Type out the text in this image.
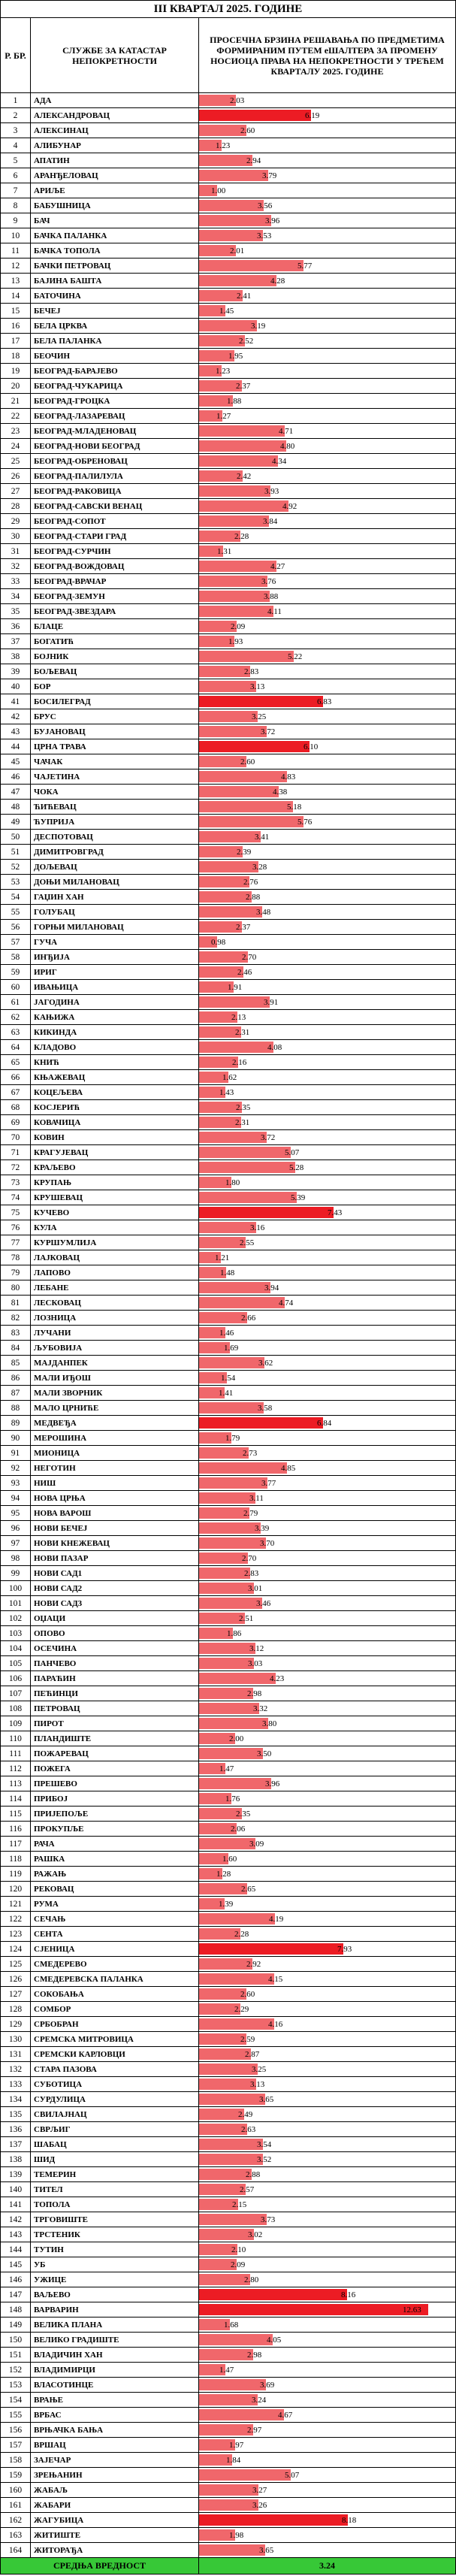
III КВАРТАЛ 2025. ГОДИНЕ
Р. БР.	СЛУЖБЕ ЗА КАТАСТАР НЕПОКРЕТНОСТИ
ПРОСЕЧНА БРЗИНА РЕШАВАЊА ПО ПРЕДМЕТИМА ФОРМИРАНИМ ПУТЕМ еШАЛТЕРА ЗА ПРОМЕНУ НОСИОЦА ПРАВА НА НЕПОКРЕТНОСТИ У ТРЕЋЕМ КВАРТАЛУ 2025. ГОДИНЕ
1	АДА	2.03
2	АЛЕКСАНДРОВАЦ	6.19
3	АЛЕКСИНАЦ	2.60
4	АЛИБУНАР	1.23
5	АПАТИН	2.94
6	АРАНЂЕЛОВАЦ	3.79
7	АРИЉЕ	1.00
8	БАБУШНИЦА	3.56
9	БАЧ	3.96
10	БАЧКА ПАЛАНКА	3.53
11	БАЧКА ТОПОЛА	2.01
12	БАЧКИ ПЕТРОВАЦ	5.77
13	БАЈИНА БАШТА	4.28
14	БАТОЧИНА	2.41
15	БЕЧЕЈ	1.45
16	БЕЛА ЦРКВА	3.19
17	БЕЛА ПАЛАНКА	2.52
18	БЕОЧИН	1.95
19	БЕОГРАД-БАРАЈЕВО	1.23
20	БЕОГРАД-ЧУКАРИЦА	2.37
21	БЕОГРАД-ГРОЦКА	1.88
22	БЕОГРАД-ЛАЗАРЕВАЦ	1.27
23	БЕОГРАД-МЛАДЕНОВАЦ	4.71
24	БЕОГРАД-НОВИ БЕОГРАД	4.80
25	БЕОГРАД-ОБРЕНОВАЦ	4.34
26	БЕОГРАД-ПАЛИЛУЛА	2.42
27	БЕОГРАД-РАКОВИЦА	3.93
28	БЕОГРАД-САВСКИ ВЕНАЦ	4.92
29	БЕОГРАД-СОПОТ	3.84
30	БЕОГРАД-СТАРИ ГРАД	2.28
31	БЕОГРАД-СУРЧИН	1.31
32	БЕОГРАД-ВОЖДОВАЦ	4.27
33	БЕОГРАД-ВРАЧАР	3.76
34	БЕОГРАД-ЗЕМУН	3.88
35	БЕОГРАД-ЗВЕЗДАРА	4.11
36	БЛАЦЕ	2.09
37	БОГАТИЋ	1.93
38	БОЈНИК	5.22
39	БОЉЕВАЦ	2.83
40	БОР	3.13
41	БОСИЛЕГРАД	6.83
42	БРУС	3.25
43	БУЈАНОВАЦ	3.72
44	ЦРНА ТРАВА	6.10
45	ЧАЧАК	2.60
46	ЧАЈЕТИНА	4.83
47	ЧОКА	4.38
48	ЋИЋЕВАЦ	5.18
49	ЋУПРИЈА	5.76
50	ДЕСПОТОВАЦ	3.41
51	ДИМИТРОВГРАД	2.39
52	ДОЉЕВАЦ	3.28
53	ДОЊИ МИЛАНОВАЦ	2.76
54	ГАЏИН ХАН	2.88
55	ГОЛУБАЦ	3.48
56	ГОРЊИ МИЛАНОВАЦ	2.37
57	ГУЧА	0.98
58	ИНЂИЈА	2.70
59	ИРИГ	2.46
60	ИВАЊИЦА	1.91
61	ЈАГОДИНА	3.91
62	КАЊИЖА	2.13
63	КИКИНДА	2.31
64	КЛАДОВО	4.08
65	КНИЋ	2.16
66	КЊАЖЕВАЦ	1.62
67	КОЦЕЉЕВА	1.43
68	КОСЈЕРИЋ	2.35
69	КОВАЧИЦА	2.31
70	КОВИН	3.72
71	КРАГУЈЕВАЦ	5.07
72	КРАЉЕВО	5.28
73	КРУПАЊ	1.80
74	КРУШЕВАЦ	5.39
75	КУЧЕВО	7.43
76	КУЛА	3.16
77	КУРШУМЛИЈА	2.55
78	ЛАЈКОВАЦ	1.21
79	ЛАПОВО	1.48
80	ЛЕБАНЕ	3.94
81	ЛЕСКОВАЦ	4.74
82	ЛОЗНИЦА	2.66
83	ЛУЧАНИ	1.46
84	ЉУБОВИЈА	1.69
85	МАЈДАНПЕК	3.62
86	МАЛИ ИЂОШ	1.54
87	МАЛИ ЗВОРНИК	1.41
88	МАЛО ЦРНИЋЕ	3.58
89	МЕДВЕЂА	6.84
90	МЕРОШИНА	1.79
91	МИОНИЦА	2.73
92	НЕГОТИН	4.85
93	НИШ	3.77
94	НОВА ЦРЊА	3.11
95	НОВА ВАРОШ	2.79
96	НОВИ БЕЧЕЈ	3.39
97	НОВИ КНЕЖЕВАЦ	3.70
98	НОВИ ПАЗАР	2.70
99	НОВИ САД1	2.83
100	НОВИ САД2	3.01
101	НОВИ САД3	3.46
102	ОЏАЦИ	2.51
103	ОПОВО	1.86
104	ОСЕЧИНА	3.12
105	ПАНЧЕВО	3.03
106	ПАРАЋИН	4.23
107	ПЕЋИНЦИ	2.98
108	ПЕТРОВАЦ	3.32
109	ПИРОТ	3.80
110	ПЛАНДИШТЕ	2.00
111	ПОЖАРЕВАЦ	3.50
112	ПОЖЕГА	1.47
113	ПРЕШЕВО	3.96
114	ПРИБОЈ	1.76
115	ПРИЈЕПОЉЕ	2.35
116	ПРОКУПЉЕ	2.06
117	РАЧА	3.09
118	РАШКА	1.60
119	РАЖАЊ	1.28
120	РЕКОВАЦ	2.65
121	РУМА	1.39
122	СЕЧАЊ	4.19
123	СЕНТА	2.28
124	СЈЕНИЦА	7.93
125	СМЕДЕРЕВО	2.92
126	СМЕДЕРЕВСКА ПАЛАНКА	4.15
127	СОКОБАЊА	2.60
128	СОМБОР	2.29
129	СРБОБРАН	4.16
130	СРЕМСКА МИТРОВИЦА	2.59
131	СРЕМСКИ КАРЛОВЦИ	2.87
132	СТАРА ПАЗОВА	3.25
133	СУБОТИЦА	3.13
134	СУРДУЛИЦА	3.65
135	СВИЛАЈНАЦ	2.49
136	СВРЉИГ	2.63
137	ШАБАЦ	3.54
138	ШИД	3.52
139	ТЕМЕРИН	2.88
140	ТИТЕЛ	2.57
141	ТОПОЛА	2.15
142	ТРГОВИШТЕ	3.73
143	ТРСТЕНИК	3.02
144	ТУТИН	2.10
145	УБ	2.09
146	УЖИЦЕ	2.80
147	ВАЉЕВО	8.16
148	ВАРВАРИН	12.63
149	ВЕЛИКА ПЛАНА	1.68
150	ВЕЛИКО ГРАДИШТЕ	4.05
151	ВЛАДИЧИН ХАН	2.98
152	ВЛАДИМИРЦИ	1.47
153	ВЛАСОТИНЦЕ	3.69
154	ВРАЊЕ	3.24
155	ВРБАС	4.67
156	ВРЊАЧКА БАЊА	2.97
157	ВРШАЦ	1.97
158	ЗАЈЕЧАР	1.84
159	ЗРЕЊАНИН	5.07
160	ЖАБАЉ	3.27
161	ЖАБАРИ	3.26
162	ЖАГУБИЦА	8.18
163	ЖИТИШТЕ	1.98
164	ЖИТОРАЂА	3.65
СРЕДЊА ВРЕДНОСТ	3.24
